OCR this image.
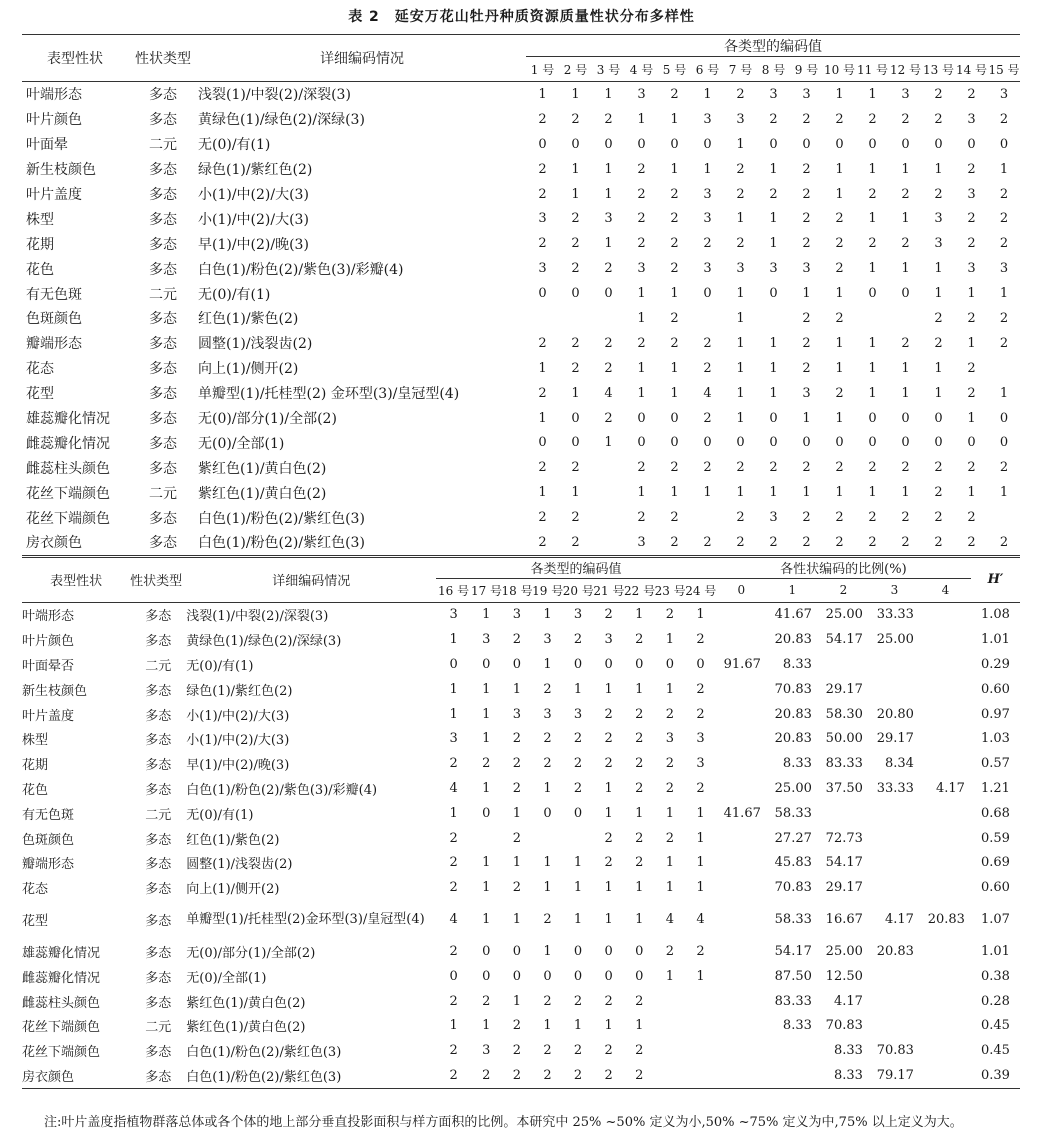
表 2　延安万花山牡丹种质资源质量性状分布多样性
表型性状	性状类型	详细编码情况	各类型的编码值														
			1 号	2 号	3 号	4 号	5 号	6 号	7 号	8 号	9 号	10 号	11 号	12 号	13 号	14 号	15 号
叶端形态	多态	浅裂(1)/中裂(2)/深裂(3)	1	1	1	3	2	1	2	3	3	1	1	3	2	2	3
叶片颜色	多态	黄绿色(1)/绿色(2)/深绿(3)	2	2	2	1	1	3	3	2	2	2	2	2	2	3	2
叶面晕	二元	无(0)/有(1)	0	0	0	0	0	0	1	0	0	0	0	0	0	0	0
新生枝颜色	多态	绿色(1)/紫红色(2)	2	1	1	2	1	1	2	1	2	1	1	1	1	2	1
叶片盖度	多态	小(1)/中(2)/大(3)	2	1	1	2	2	3	2	2	2	1	2	2	2	3	2
株型	多态	小(1)/中(2)/大(3)	3	2	3	2	2	3	1	1	2	2	1	1	3	2	2
花期	多态	早(1)/中(2)/晚(3)	2	2	1	2	2	2	2	1	2	2	2	2	3	2	2
花色	多态	白色(1)/粉色(2)/紫色(3)/彩瓣(4)	3	2	2	3	2	3	3	3	3	2	1	1	1	3	3
有无色斑	二元	无(0)/有(1)	0	0	0	1	1	0	1	0	1	1	0	0	1	1	1
色斑颜色	多态	红色(1)/紫色(2)				1	2		1		2	2			2	2	2
瓣端形态	多态	圆整(1)/浅裂齿(2)	2	2	2	2	2	2	1	1	2	1	1	2	2	1	2
花态	多态	向上(1)/侧开(2)	1	2	2	1	1	2	1	1	2	1	1	1	1	2	
花型	多态	单瓣型(1)/托桂型(2) 金环型(3)/皇冠型(4)	2	1	4	1	1	4	1	1	3	2	1	1	1	2	1
雄蕊瓣化情况	多态	无(0)/部分(1)/全部(2)	1	0	2	0	0	2	1	0	1	1	0	0	0	1	0
雌蕊瓣化情况	多态	无(0)/全部(1)	0	0	1	0	0	0	0	0	0	0	0	0	0	0	0
雌蕊柱头颜色	多态	紫红色(1)/黄白色(2)	2	2		2	2	2	2	2	2	2	2	2	2	2	2
花丝下端颜色	二元	紫红色(1)/黄白色(2)	1	1		1	1	1	1	1	1	1	1	1	2	1	1
花丝下端颜色	多态	白色(1)/粉色(2)/紫红色(3)	2	2		2	2		2	3	2	2	2	2	2	2	
房衣颜色	多态	白色(1)/粉色(2)/紫红色(3)	2	2		3	2	2	2	2	2	2	2	2	2	2	2
表型性状	性状类型	详细编码情况	各类型的编码值									各性状编码的比例(%)					H′
			16 号	17 号	18 号	19 号	20 号	21 号	22 号	23 号	24 号	0	1	2	3	4	
叶端形态	多态	浅裂(1)/中裂(2)/深裂(3)	3	1	3	1	3	2	1	2	1		41.67	25.00	33.33		1.08
叶片颜色	多态	黄绿色(1)/绿色(2)/深绿(3)	1	3	2	3	2	3	2	1	2		20.83	54.17	25.00		1.01
叶面晕否	二元	无(0)/有(1)	0	0	0	1	0	0	0	0	0	91.67	8.33				0.29
新生枝颜色	多态	绿色(1)/紫红色(2)	1	1	1	2	1	1	1	1	2		70.83	29.17			0.60
叶片盖度	多态	小(1)/中(2)/大(3)	1	1	3	3	3	2	2	2	2		20.83	58.30	20.80		0.97
株型	多态	小(1)/中(2)/大(3)	3	1	2	2	2	2	2	3	3		20.83	50.00	29.17		1.03
花期	多态	早(1)/中(2)/晚(3)	2	2	2	2	2	2	2	2	3		8.33	83.33	8.34		0.57
花色	多态	白色(1)/粉色(2)/紫色(3)/彩瓣(4)	4	1	2	1	2	1	2	2	2		25.00	37.50	33.33	4.17	1.21
有无色斑	二元	无(0)/有(1)	1	0	1	0	0	1	1	1	1	41.67	58.33				0.68
色斑颜色	多态	红色(1)/紫色(2)	2		2			2	2	2	1		27.27	72.73			0.59
瓣端形态	多态	圆整(1)/浅裂齿(2)	2	1	1	1	1	2	2	1	1		45.83	54.17			0.69
花态	多态	向上(1)/侧开(2)	2	1	2	1	1	1	1	1	1		70.83	29.17			0.60
花型	多态	单瓣型(1)/托桂型(2)金环型(3)/皇冠型(4)	4	1	1	2	1	1	1	4	4		58.33	16.67	4.17	20.83	1.07
雄蕊瓣化情况	多态	无(0)/部分(1)/全部(2)	2	0	0	1	0	0	0	2	2		54.17	25.00	20.83		1.01
雌蕊瓣化情况	多态	无(0)/全部(1)	0	0	0	0	0	0	0	1	1		87.50	12.50			0.38
雌蕊柱头颜色	多态	紫红色(1)/黄白色(2)	2	2	1	2	2	2	2				83.33	4.17			0.28
花丝下端颜色	二元	紫红色(1)/黄白色(2)	1	1	2	1	1	1	1				8.33	70.83			0.45
花丝下端颜色	多态	白色(1)/粉色(2)/紫红色(3)	2	3	2	2	2	2	2					8.33	70.83		0.45
房衣颜色	多态	白色(1)/粉色(2)/紫红色(3)	2	2	2	2	2	2	2					8.33	79.17		0.39
注:叶片盖度指植物群落总体或各个体的地上部分垂直投影面积与样方面积的比例。本研究中 25% ~50% 定义为小,50% ~75% 定义为中,75% 以上定义为大。
